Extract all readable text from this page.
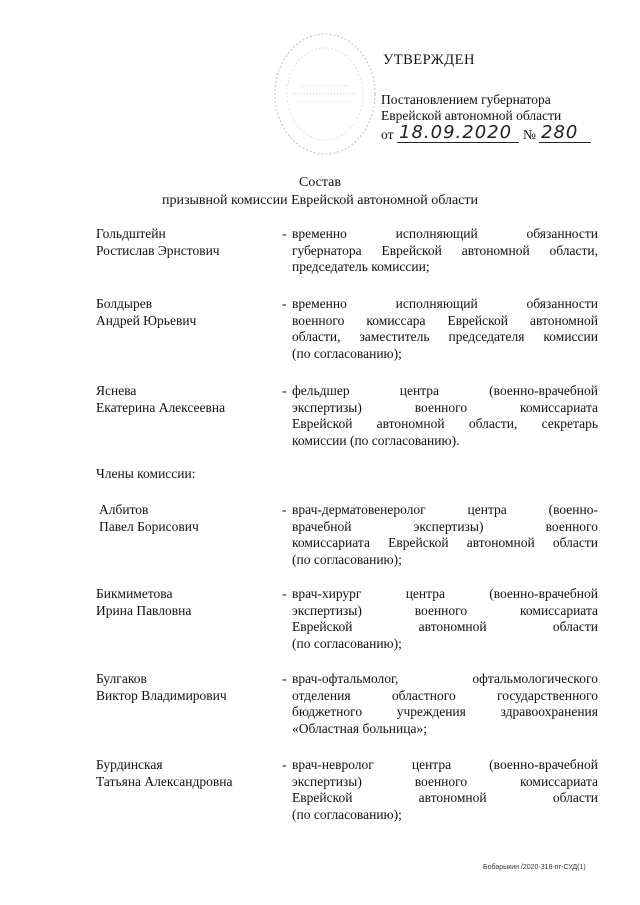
УТВЕРЖДЕН
Постановлением губернатора
Еврейской автономной области
от 18.09.2020 № 280
Состав
призывной комиссии Еврейской автономной области
Гольдштейн
Ростислав Эрнстович
- временно исполняющий обязанности
губернатора Еврейской автономной области,
председатель комиссии;
Болдырев
Андрей Юрьевич
- временно исполняющий обязанности
военного комиссара Еврейской автономной
области, заместитель председателя комиссии
(по согласованию);
Яснева
Екатерина Алексеевна
- фельдшер центра (военно-врачебной
экспертизы) военного комиссариата
Еврейской автономной области, секретарь
комиссии (по согласованию).
Члены комиссии:
Албитов
Павел Борисович
- врач-дерматовенеролог центра (военно-
врачебной экспертизы) военного
комиссариата Еврейской автономной области
(по согласованию);
Бикмиметова
Ирина Павловна
- врач-хирург центра (военно-врачебной
экспертизы) военного комиссариата
Еврейской автономной области
(по согласованию);
Булгаков
Виктор Владимирович
- врач-офтальмолог, офтальмологического
отделения областного государственного
бюджетного учреждения здравоохранения
«Областная больница»;
Бурдинская
Татьяна Александровна
- врач-невролог центра (военно-врачебной
экспертизы) военного комиссариата
Еврейской автономной области
(по согласованию);
Бобарыкин /2020-318-пг-СУД(1)
